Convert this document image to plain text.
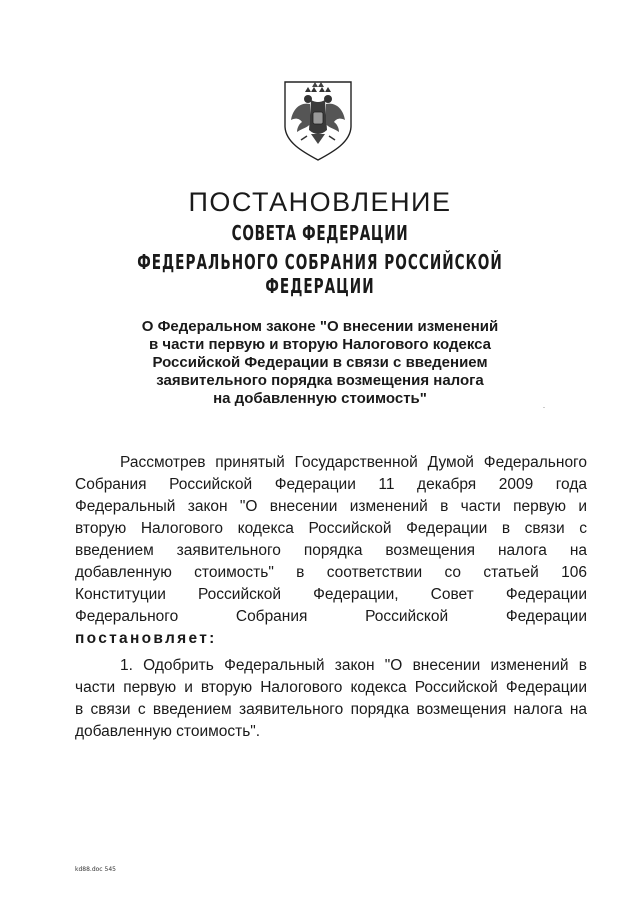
ПОСТАНОВЛЕНИЕ
СОВЕТА ФЕДЕРАЦИИ
ФЕДЕРАЛЬНОГО СОБРАНИЯ РОССИЙСКОЙ ФЕДЕРАЦИИ
О Федеральном законе "О внесении изменений
в части первую и вторую Налогового кодекса
Российской Федерации в связи с введением
заявительного порядка возмещения налога
на добавленную стоимость"
Рассмотрев принятый Государственной Думой Федерального
Собрания Российской Федерации 11 декабря 2009 года
Федеральный закон "О внесении изменений в части первую и
вторую Налогового кодекса Российской Федерации в связи с
введением заявительного порядка возмещения налога на
добавленную стоимость" в соответствии со статьей 106
Конституции Российской Федерации, Совет Федерации
Федерального Собрания Российской Федерации
постановляет:
1. Одобрить Федеральный закон "О внесении изменений в
части первую и вторую Налогового кодекса Российской Федерации
в связи с введением заявительного порядка возмещения налога на
добавленную стоимость".
kd88.doc 545
